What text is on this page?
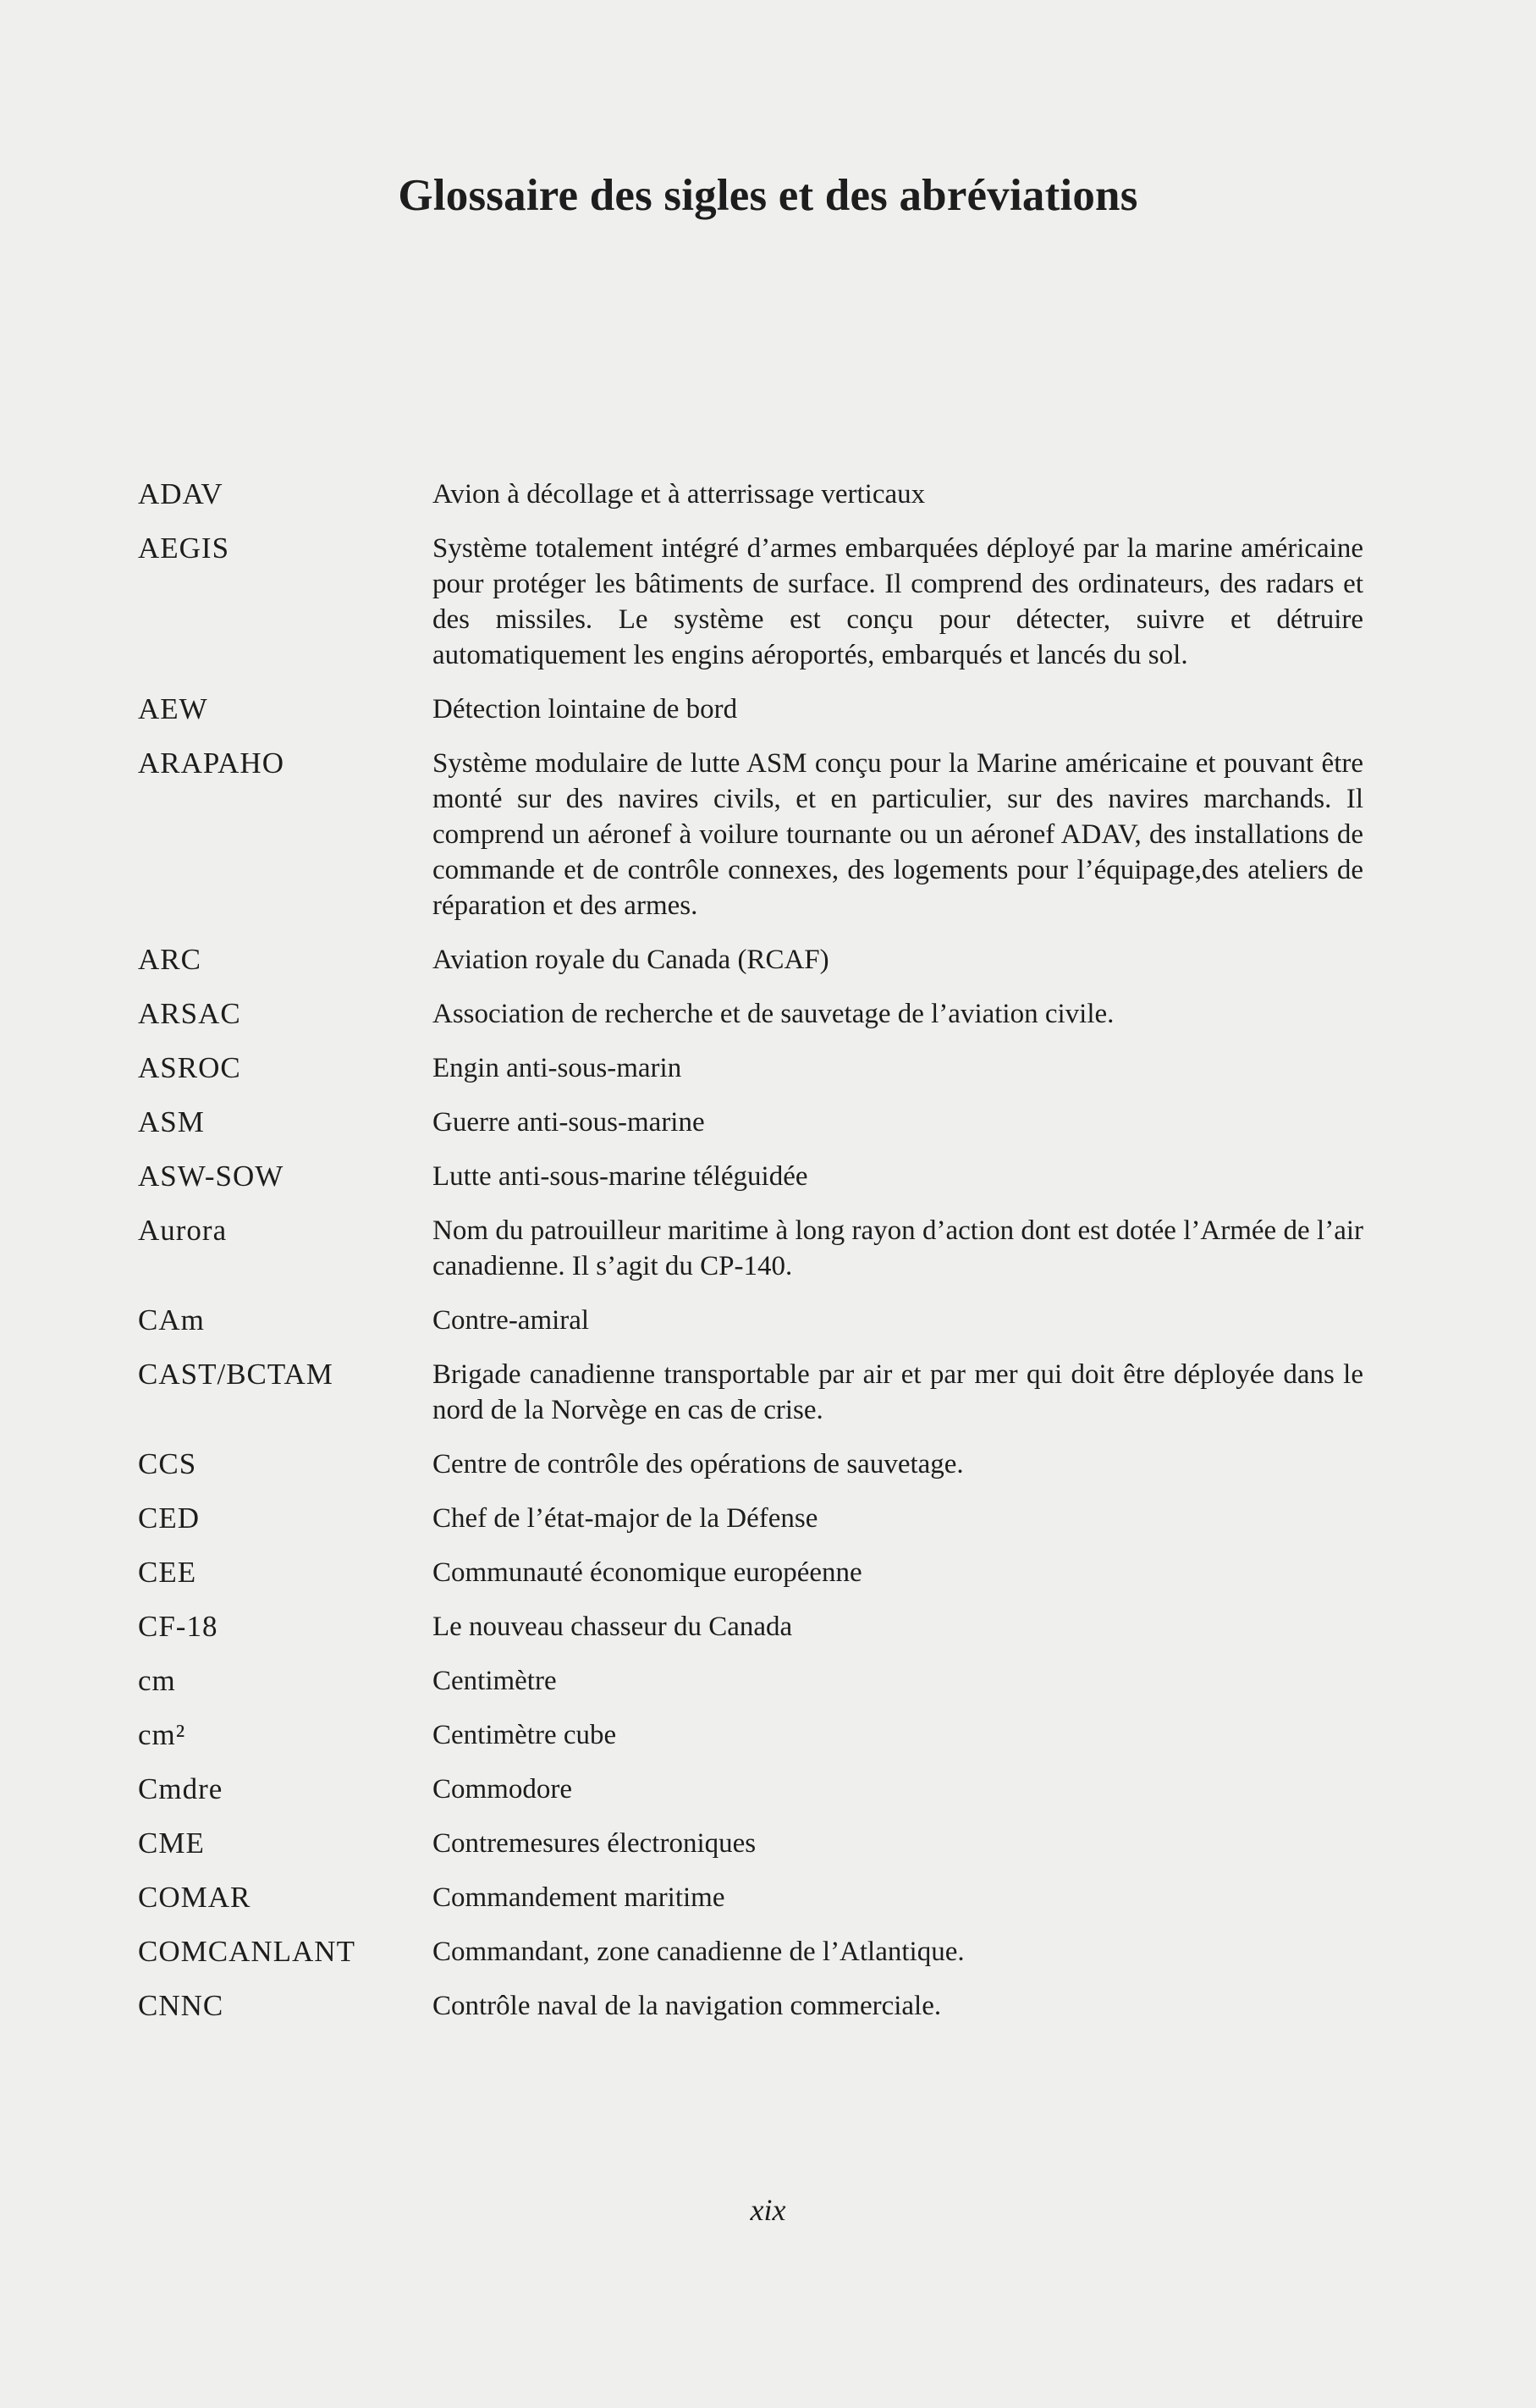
Glossaire des sigles et des abréviations
ADAV	Avion à décollage et à atterrissage verticaux
AEGIS	Système totalement intégré d’armes embarquées déployé par la marine américaine pour protéger les bâtiments de surface. Il comprend des ordinateurs, des radars et des missiles. Le système est conçu pour détecter, suivre et détruire automatiquement les engins aéroportés, embarqués et lancés du sol.
AEW	Détection lointaine de bord
ARAPAHO	Système modulaire de lutte ASM conçu pour la Marine américaine et pouvant être monté sur des navires civils, et en particulier, sur des navires marchands. Il comprend un aéronef à voilure tournante ou un aéronef ADAV, des installations de commande et de contrôle connexes, des logements pour l’équipage,des ateliers de réparation et des armes.
ARC	Aviation royale du Canada (RCAF)
ARSAC	Association de recherche et de sauvetage de l’aviation civile.
ASROC	Engin anti-sous-marin
ASM	Guerre anti-sous-marine
ASW-SOW	Lutte anti-sous-marine téléguidée
Aurora	Nom du patrouilleur maritime à long rayon d’action dont est dotée l’Armée de l’air canadienne. Il s’agit du CP-140.
CAm	Contre-amiral
CAST/BCTAM	Brigade canadienne transportable par air et par mer qui doit être déployée dans le nord de la Norvège en cas de crise.
CCS	Centre de contrôle des opérations de sauvetage.
CED	Chef de l’état-major de la Défense
CEE	Communauté économique européenne
CF-18	Le nouveau chasseur du Canada
cm	Centimètre
cm²	Centimètre cube
Cmdre	Commodore
CME	Contremesures électroniques
COMAR	Commandement maritime
COMCANLANT	Commandant, zone canadienne de l’Atlantique.
CNNC	Contrôle naval de la navigation commerciale.
xix
